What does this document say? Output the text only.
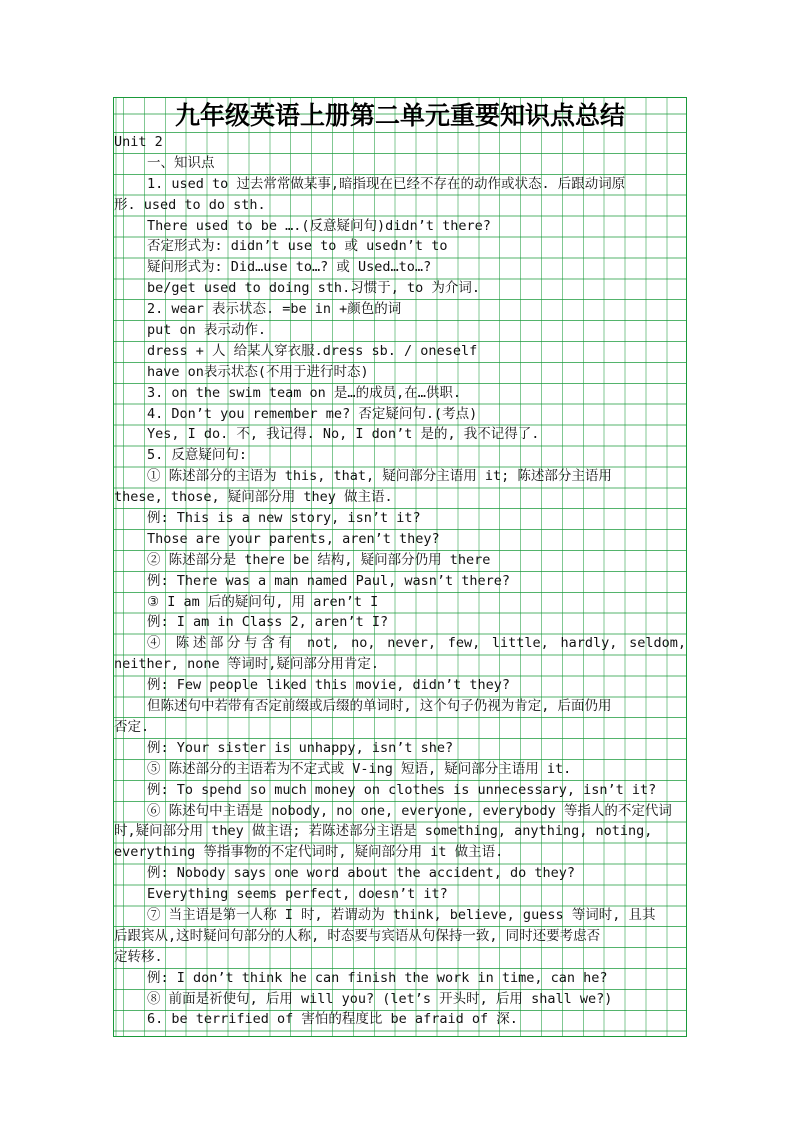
九年级英语上册第二单元重要知识点总结
Unit 2
一、知识点
1. used to 过去常常做某事,暗指现在已经不存在的动作或状态. 后跟动词原
形. used to do sth.
There used to be ….(反意疑问句)didn’t there?
否定形式为: didn’t use to 或 usedn’t to
疑问形式为: Did…use to…? 或 Used…to…?
be/get used to doing sth.习惯于, to 为介词.
2. wear 表示状态. =be in +颜色的词
put on 表示动作.
dress + 人 给某人穿衣服.dress sb. / oneself
have on表示状态(不用于进行时态)
3. on the swim team on 是…的成员,在…供职.
4. Don’t you remember me? 否定疑问句.(考点)
Yes, I do. 不, 我记得. No, I don’t 是的, 我不记得了.
5. 反意疑问句:
① 陈述部分的主语为 this, that, 疑问部分主语用 it; 陈述部分主语用
these, those, 疑问部分用 they 做主语.
例: This is a new story, isn’t it?
Those are your parents, aren’t they?
② 陈述部分是 there be 结构, 疑问部分仍用 there
例: There was a man named Paul, wasn’t there?
③ I am 后的疑问句, 用 aren’t I
例: I am in Class 2, aren’t I?
④ 陈述部分与含有 not, no, never, few, little, hardly, seldom,
neither, none 等词时,疑问部分用肯定.
例: Few people liked this movie, didn’t they?
但陈述句中若带有否定前缀或后缀的单词时, 这个句子仍视为肯定, 后面仍用
否定.
例: Your sister is unhappy, isn’t she?
⑤ 陈述部分的主语若为不定式或 V-ing 短语, 疑问部分主语用 it.
例: To spend so much money on clothes is unnecessary, isn’t it?
⑥ 陈述句中主语是 nobody, no one, everyone, everybody 等指人的不定代词
时,疑问部分用 they 做主语; 若陈述部分主语是 something, anything, noting,
everything 等指事物的不定代词时, 疑问部分用 it 做主语.
例: Nobody says one word about the accident, do they?
Everything seems perfect, doesn’t it?
⑦ 当主语是第一人称 I 时, 若谓动为 think, believe, guess 等词时, 且其
后跟宾从,这时疑问句部分的人称, 时态要与宾语从句保持一致, 同时还要考虑否
定转移.
例: I don’t think he can finish the work in time, can he?
⑧ 前面是祈使句, 后用 will you? (let’s 开头时, 后用 shall we?)
6. be terrified of 害怕的程度比 be afraid of 深.
